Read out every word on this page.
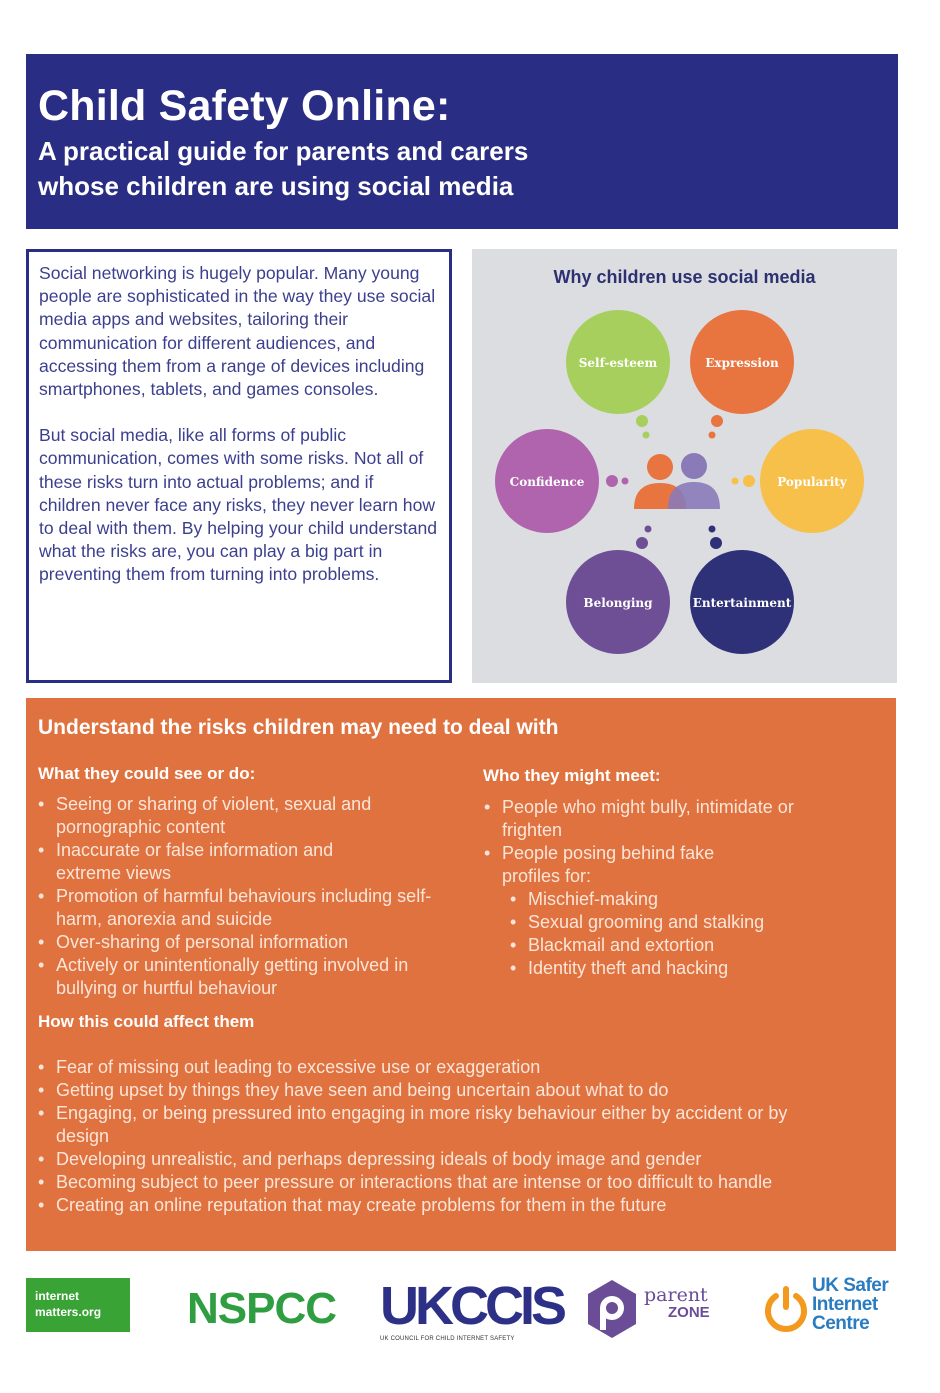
Child Safety Online:
A practical guide for parents and carers
whose children are using social media

Social networking is hugely popular. Many young people are sophisticated in the way they use social media apps and websites, tailoring their communication for different audiences, and accessing them from a range of devices including smartphones, tablets, and games consoles.

But social media, like all forms of public communication, comes with some risks. Not all of these risks turn into actual problems; and if children never face any risks, they never learn how to deal with them. By helping your child understand what the risks are, you can play a big part in preventing them from turning into problems.

Why children use social media
Self-esteem	Expression
Popularity
Entertainment
Belonging
Confidence
Understand the risks children may need to deal with
What they could see or do:
• Seeing or sharing of violent, sexual and pornographic content
• Inaccurate or false information and extreme views
• Promotion of harmful behaviours including self-harm, anorexia and suicide
• Over-sharing of personal information
• Actively or unintentionally getting involved in bullying or hurtful behaviour
Who they might meet:
• People who might bully, intimidate or frighten
• People posing behind fake profiles for:
• Mischief-making
• Sexual grooming and stalking
• Blackmail and extortion
• Identity theft and hacking
How this could affect them
• Fear of missing out leading to excessive use or exaggeration
• Getting upset by things they have seen and being uncertain about what to do
• Engaging, or being pressured into engaging in more risky behaviour either by accident or by design
• Developing unrealistic, and perhaps depressing ideals of body image and gender
• Becoming subject to peer pressure or interactions that are intense or too difficult to handle
• Creating an online reputation that may create problems for them in the future
internet
matters.org	NSPCC UKCCIS
UK COUNCIL FOR CHILD INTERNET SAFETY
parent
ZONE
UK Safer
Internet
Centre
